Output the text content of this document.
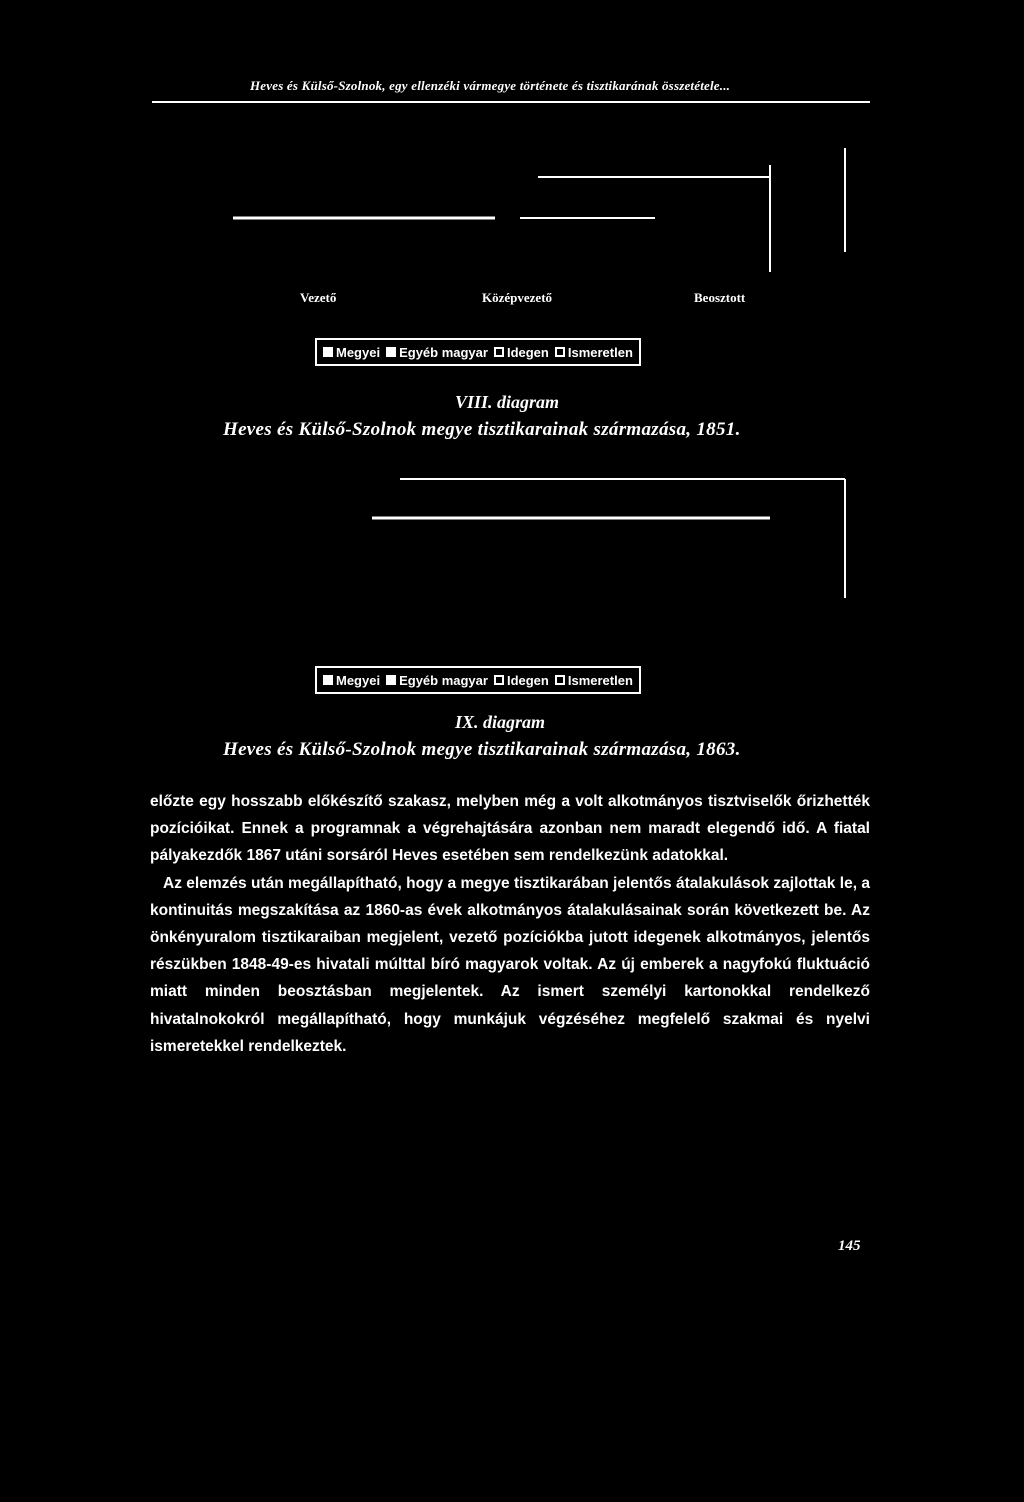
Heves és Külső-Szolnok, egy ellenzéki vármegye története és tisztikarának összetétele...
Vezető	Középvezető	Beosztott
Megyei Egyéb magyar Idegen Ismeretlen
VIII. diagram
Heves és Külső-Szolnok megye tisztikarainak származása, 1851.
Megyei Egyéb magyar Idegen Ismeretlen
IX. diagram
Heves és Külső-Szolnok megye tisztikarainak származása, 1863.

előzte egy hosszabb előkészítő szakasz, melyben még a volt alkotmányos tisztviselők őrizhették pozícióikat. Ennek a programnak a végrehajtására azonban nem maradt elegendő idő. A fiatal pályakezdők 1867 utáni sorsáról Heves esetében sem rendelkezünk adatokkal.

Az elemzés után megállapítható, hogy a megye tisztikarában jelentős átalakulások zajlottak le, a kontinuitás megszakítása az 1860-as évek alkotmányos átalakulásainak során következett be. Az önkényuralom tisztikaraiban megjelent, vezető pozíciókba jutott idegenek alkotmányos, jelentős részükben 1848-49-es hivatali múlttal bíró magyarok voltak. Az új emberek a nagyfokú fluktuáció miatt minden beosztásban megjelentek. Az ismert személyi kartonokkal rendelkező hivatalnokokról megállapítható, hogy munkájuk végzéséhez megfelelő szakmai és nyelvi ismeretekkel rendelkeztek.

145
